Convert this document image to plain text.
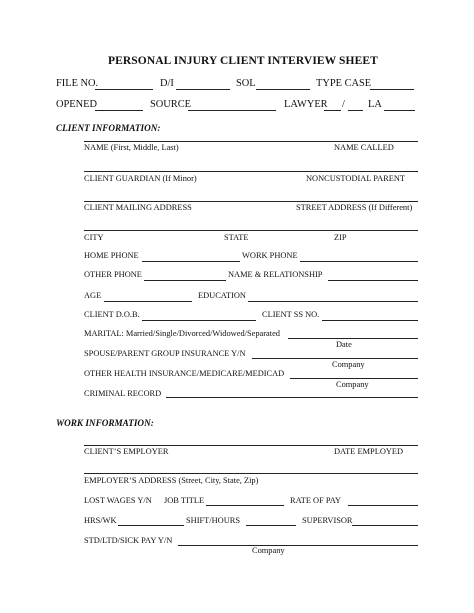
PERSONAL INJURY CLIENT INTERVIEW SHEET
FILE NO.	D/I	SOL	TYPE CASE
OPENED	SOURCE	LAWYER / LA
CLIENT INFORMATION:
NAME (First, Middle, Last)	NAME CALLED
CLIENT GUARDIAN (If Minor)	NONCUSTODIAL PARENT
CLIENT MAILING ADDRESS	STREET ADDRESS (If Different)
CITY	STATE	ZIP
HOME PHONE	WORK PHONE
OTHER PHONE	NAME & RELATIONSHIP
AGE	EDUCATION
CLIENT D.O.B.	CLIENT SS NO.
MARITAL: Married/Single/Divorced/Widowed/Separated
Date
SPOUSE/PARENT GROUP INSURANCE Y/N
Company
OTHER HEALTH INSURANCE/MEDICARE/MEDICAD
Company
CRIMINAL RECORD
WORK INFORMATION:
CLIENT’S EMPLOYER	DATE EMPLOYED
EMPLOYER’S ADDRESS (Street, City, State, Zip)
LOST WAGES Y/N JOB TITLE	RATE OF PAY
HRS/WK	SHIFT/HOURS	SUPERVISOR
STD/LTD/SICK PAY Y/N
Company
